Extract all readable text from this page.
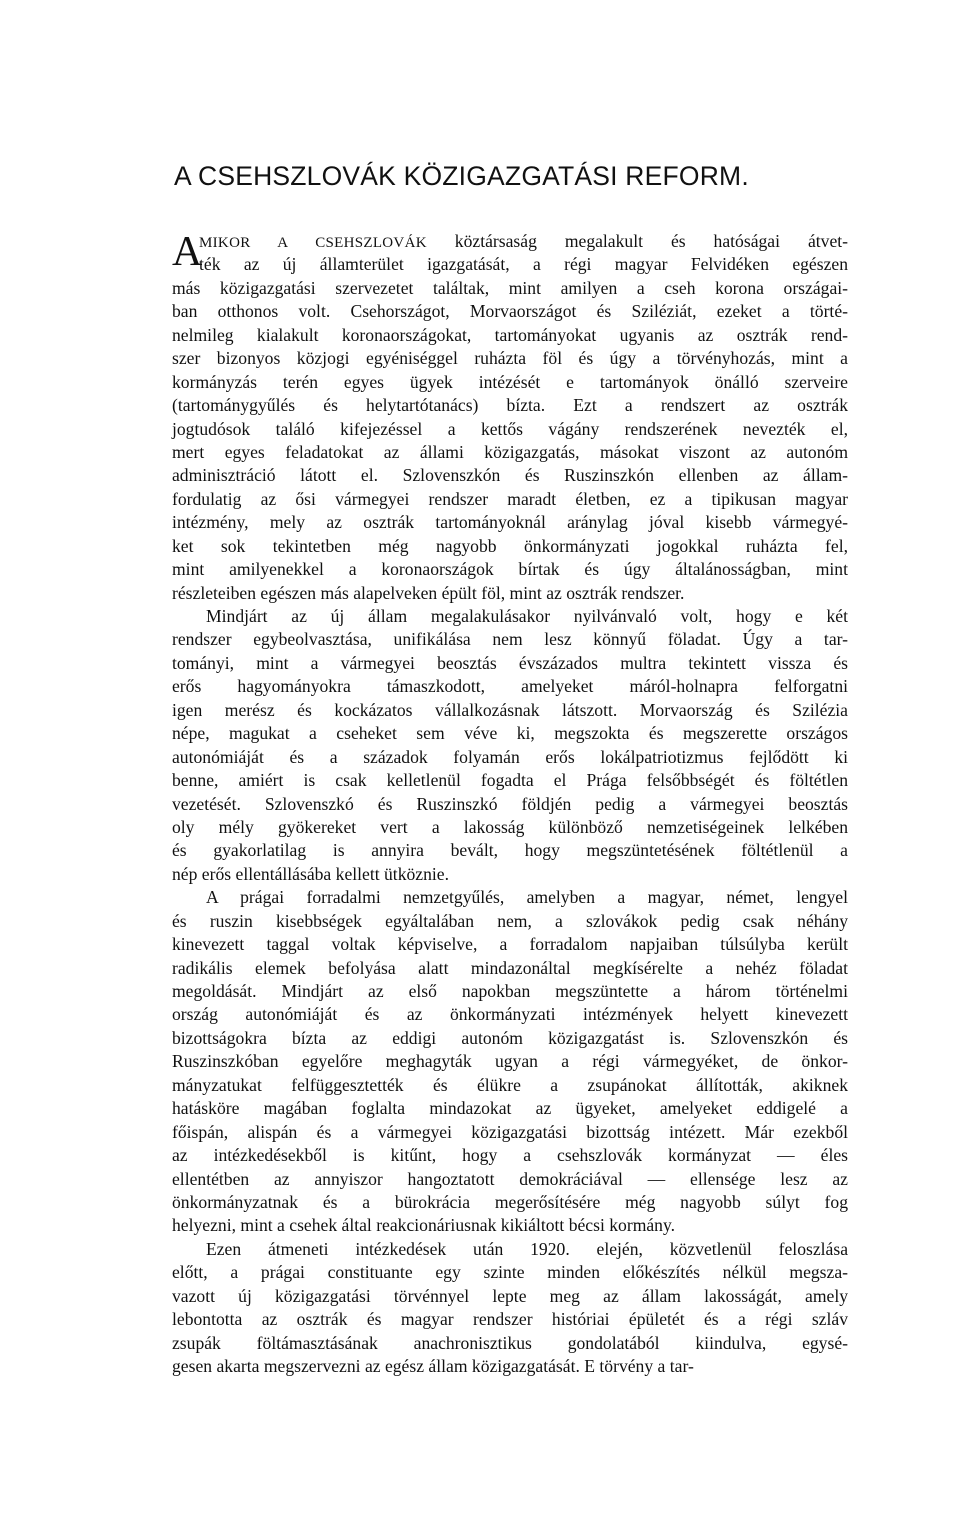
A CSEHSZLOVÁK KÖZIGAZGATÁSI REFORM.
A
MIKOR A CSEHSZLOVÁK köztársaság megalakult és hatóságai átvet-
ték az új államterület igazgatását, a régi magyar Felvidéken egészen
más közigazgatási szervezetet találtak, mint amilyen a cseh korona országai-
ban otthonos volt. Csehországot, Morvaországot és Sziléziát, ezeket a törté-
nelmileg kialakult koronaországokat, tartományokat ugyanis az osztrák rend-
szer bizonyos közjogi egyéniséggel ruházta föl és úgy a törvényhozás, mint a
kormányzás terén egyes ügyek intézését e tartományok önálló szerveire
(tartománygyűlés és helytartótanács) bízta. Ezt a rendszert az osztrák
jogtudósok találó kifejezéssel a kettős vágány rendszerének nevezték el,
mert egyes feladatokat az állami közigazgatás, másokat viszont az autonóm
adminisztráció látott el. Szlovenszkón és Ruszinszkón ellenben az állam-
fordulatig az ősi vármegyei rendszer maradt életben, ez a tipikusan magyar
intézmény, mely az osztrák tartományoknál aránylag jóval kisebb vármegyé-
ket sok tekintetben még nagyobb önkormányzati jogokkal ruházta fel,
mint amilyenekkel a koronaországok bírtak és úgy általánosságban, mint
részleteiben egészen más alapelveken épült föl, mint az osztrák rendszer.
Mindjárt az új állam megalakulásakor nyilvánvaló volt, hogy e két
rendszer egybeolvasztása, unifikálása nem lesz könnyű föladat. Úgy a tar-
tományi, mint a vármegyei beosztás évszázados multra tekintett vissza és
erős hagyományokra támaszkodott, amelyeket máról-holnapra felforgatni
igen merész és kockázatos vállalkozásnak látszott. Morvaország és Szilézia
népe, magukat a cseheket sem véve ki, megszokta és megszerette országos
autonómiáját és a századok folyamán erős lokálpatriotizmus fejlődött ki
benne, amiért is csak kelletlenül fogadta el Prága felsőbbségét és föltétlen
vezetését. Szlovenszkó és Ruszinszkó földjén pedig a vármegyei beosztás
oly mély gyökereket vert a lakosság különböző nemzetiségeinek lelkében
és gyakorlatilag is annyira bevált, hogy megszüntetésének föltétlenül a
nép erős ellentállásába kellett ütköznie.
A prágai forradalmi nemzetgyűlés, amelyben a magyar, német, lengyel
és ruszin kisebbségek egyáltalában nem, a szlovákok pedig csak néhány
kinevezett taggal voltak képviselve, a forradalom napjaiban túlsúlyba került
radikális elemek befolyása alatt mindazonáltal megkísérelte a nehéz föladat
megoldását. Mindjárt az első napokban megszüntette a három történelmi
ország autonómiáját és az önkormányzati intézmények helyett kinevezett
bizottságokra bízta az eddigi autonóm közigazgatást is. Szlovenszkón és
Ruszinszkóban egyelőre meghagyták ugyan a régi vármegyéket, de önkor-
mányzatukat felfüggesztették és élükre a zsupánokat állították, akiknek
hatásköre magában foglalta mindazokat az ügyeket, amelyeket eddigelé a
főispán, alispán és a vármegyei közigazgatási bizottság intézett. Már ezekből
az intézkedésekből is kitűnt, hogy a csehszlovák kormányzat — éles
ellentétben az annyiszor hangoztatott demokráciával — ellensége lesz az
önkormányzatnak és a bürokrácia megerősítésére még nagyobb súlyt fog
helyezni, mint a csehek által reakcionáriusnak kikiáltott bécsi kormány.
Ezen átmeneti intézkedések után 1920. elején, közvetlenül feloszlása
előtt, a prágai constituante egy szinte minden előkészítés nélkül megsza-
vazott új közigazgatási törvénnyel lepte meg az állam lakosságát, amely
lebontotta az osztrák és magyar rendszer históriai épületét és a régi szláv
zsupák föltámasztásának anachronisztikus gondolatából kiindulva, egysé-
gesen akarta megszervezni az egész állam közigazgatását. E törvény a tar-
